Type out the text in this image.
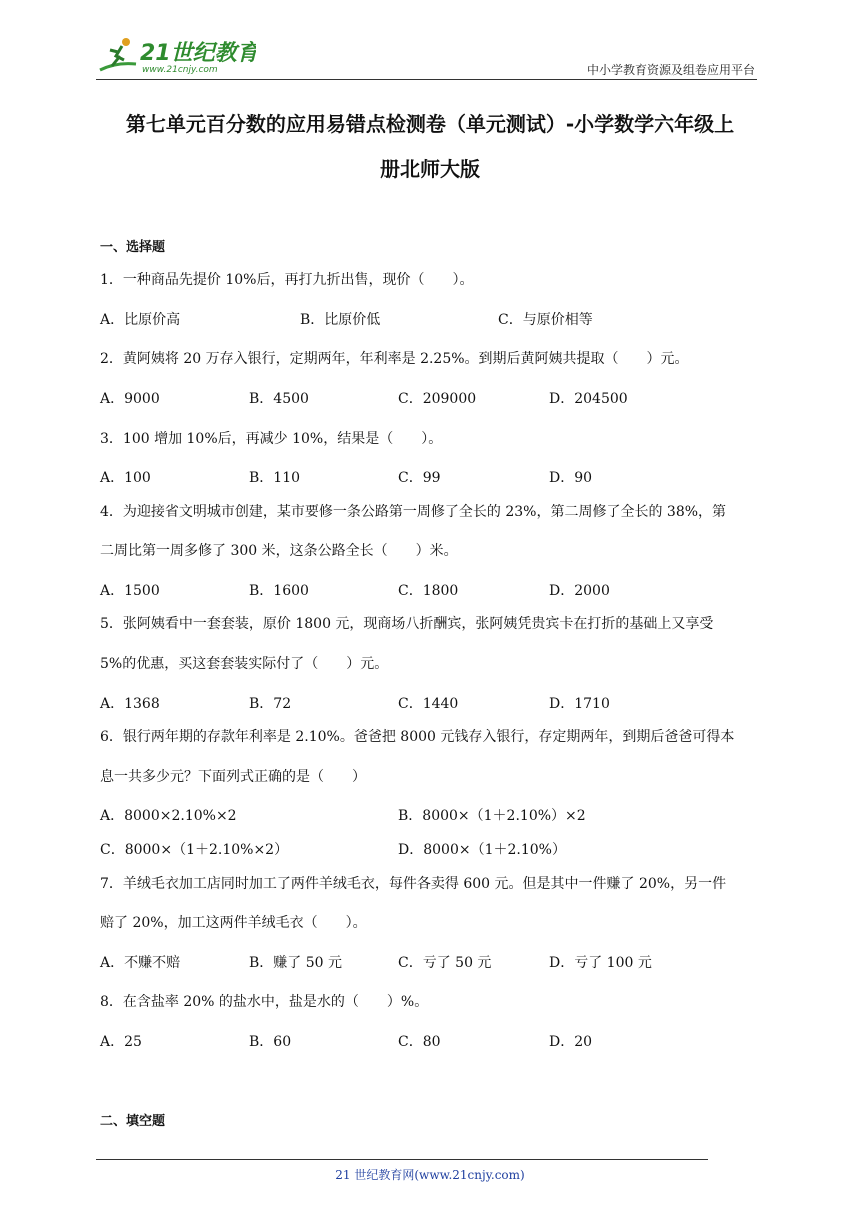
21世纪教育
www.21cnjy.com	中小学教育资源及组卷应用平台
第七单元百分数的应用易错点检测卷（单元测试）-小学数学六年级上
册北师大版
一、选择题
1．一种商品先提价 10%后，再打九折出售，现价（　　）。
A．比原价高	B．比原价低	C．与原价相等
2．黄阿姨将 20 万存入银行，定期两年，年利率是 2.25%。到期后黄阿姨共提取（　　）元。
A．9000	B．4500	C．209000	D．204500
3．100 增加 10%后，再减少 10%，结果是（　　）。
A．100	B．110	C．99	D．90
4．为迎接省文明城市创建，某市要修一条公路第一周修了全长的 23%，第二周修了全长的 38%，第
二周比第一周多修了 300 米，这条公路全长（　　）米。
A．1500	B．1600	C．1800	D．2000
5．张阿姨看中一套套装，原价 1800 元，现商场八折酬宾，张阿姨凭贵宾卡在打折的基础上又享受
5%的优惠，买这套套装实际付了（　　）元。
A．1368	B．72	C．1440	D．1710
6．银行两年期的存款年利率是 2.10%。爸爸把 8000 元钱存入银行，存定期两年，到期后爸爸可得本
息一共多少元？下面列式正确的是（　　）
A．8000×2.10%×2	B．8000×（1＋2.10%）×2
C．8000×（1＋2.10%×2）	D．8000×（1＋2.10%）
7．羊绒毛衣加工店同时加工了两件羊绒毛衣，每件各卖得 600 元。但是其中一件赚了 20%，另一件
赔了 20%，加工这两件羊绒毛衣（　　）。
A．不赚不赔	B．赚了 50 元	C．亏了 50 元	D．亏了 100 元
8．在含盐率 20% 的盐水中，盐是水的（　　）%。
A．25	B．60	C．80	D．20
二、填空题
21 世纪教育网(www.21cnjy.com)
